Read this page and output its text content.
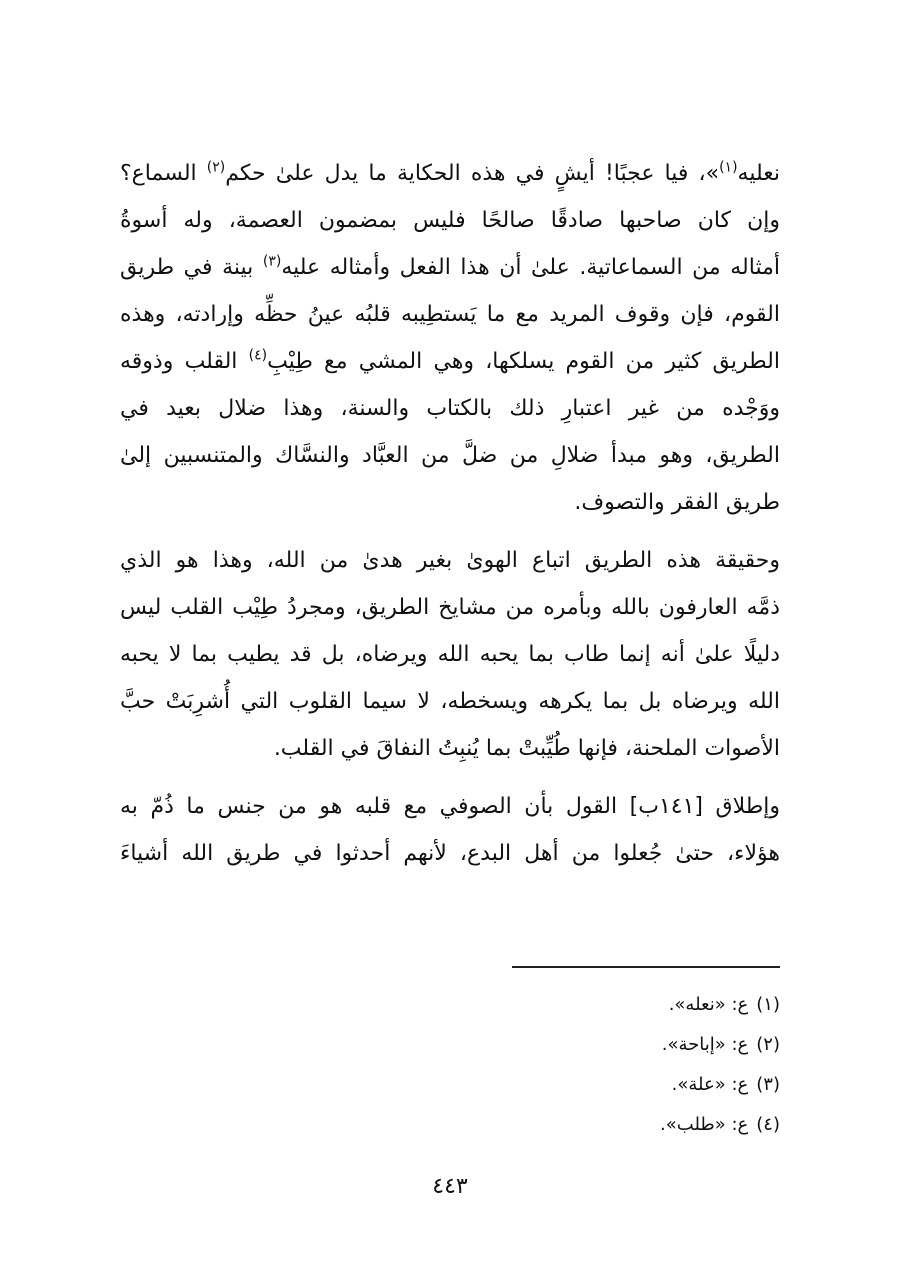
نعليه$^{(١)}$»، فيا عجبًا! أيشٍ في هذه الحكاية ما يدل علىٰ حكم$^{(٢)}$ السماع؟
وإن كان صاحبها صادقًا صالحًا فليس بمضمون العصمة، وله أسوةُ
أمثاله من السماعاتية. علىٰ أن هذا الفعل وأمثاله عليه$^{(٣)}$ بينة في طريق
القوم، فإن وقوف المريد مع ما يَستطِيبه قلبُه عينُ حظِّه وإرادته، وهذه
الطريق كثير من القوم يسلكها، وهي المشي مع طِيْبِ$^{(٤)}$ القلب وذوقه
ووَجْده من غير اعتبارِ ذلك بالكتاب والسنة، وهذا ضلال بعيد في
الطريق، وهو مبدأ ضلالِ من ضلَّ من العبَّاد والنسَّاك والمتنسبين إلىٰ
طريق الفقر والتصوف.
وحقيقة هذه الطريق اتباع الهوىٰ بغير هدىٰ من الله، وهذا هو الذي
ذمَّه العارفون بالله وبأمره من مشايخ الطريق، ومجردُ طِيْب القلب ليس
دليلًا علىٰ أنه إنما طاب بما يحبه الله ويرضاه، بل قد يطيب بما لا يحبه
الله ويرضاه بل بما يكرهه ويسخطه، لا سيما القلوب التي أُشرِبَتْ حبَّ
الأصوات الملحنة، فإنها طُيِّبتْ بما يُنبِتُ النفاقَ في القلب.
وإطلاق [١٤١ب] القول بأن الصوفي مع قلبه هو من جنس ما ذُمّ به
هؤلاء، حتىٰ جُعلوا من أهل البدع، لأنهم أحدثوا في طريق الله أشياءَ
(١)ع: «نعله».
(٢)ع: «إباحة».
(٣)ع: «علة».
(٤)ع: «طلب».
٤٤٣
